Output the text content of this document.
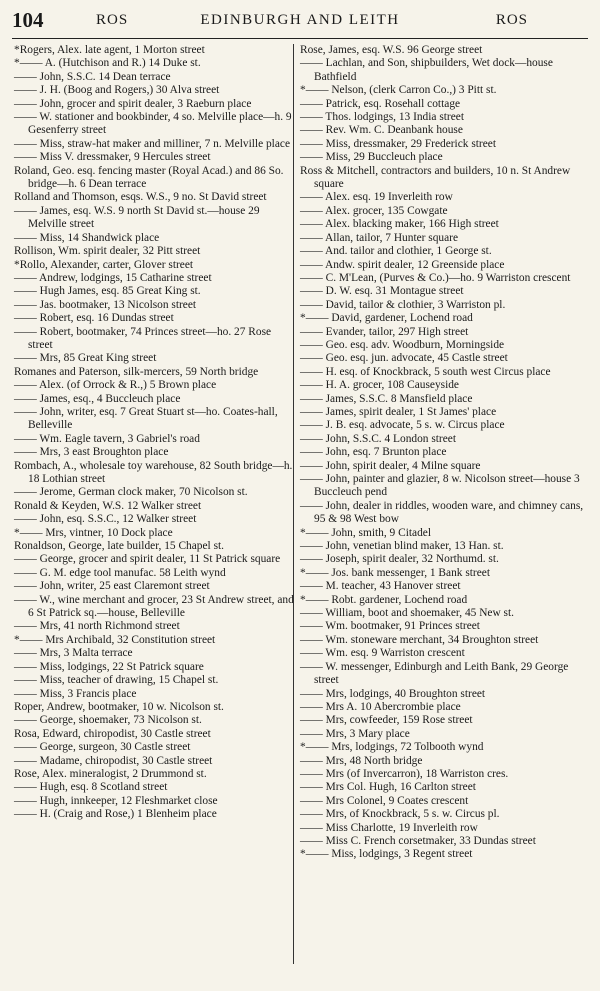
104	ROS	EDINBURGH AND LEITH	ROS
*Rogers, Alex. late agent, 1 Morton street
*—— A. (Hutchison and R.) 14 Duke st.
—— John, S.S.C. 14 Dean terrace
—— J. H. (Boog and Rogers,) 30 Alva street
—— John, grocer and spirit dealer, 3 Raeburn place
—— W. stationer and bookbinder, 4 so. Melville place—h. 9 Gesenferry street
—— Miss, straw-hat maker and milliner, 7 n. Melville place
—— Miss V. dressmaker, 9 Hercules street
Roland, Geo. esq. fencing master (Royal Acad.) and 86 So. bridge—h. 6 Dean terrace
Rolland and Thomson, esqs. W.S., 9 no. St David street
—— James, esq. W.S. 9 north St David st.—house 29 Melville street
—— Miss, 14 Shandwick place
Rollison, Wm. spirit dealer, 32 Pitt street
*Rollo, Alexander, carter, Glover street
—— Andrew, lodgings, 15 Catharine street
—— Hugh James, esq. 85 Great King st.
—— Jas. bootmaker, 13 Nicolson street
—— Robert, esq. 16 Dundas street
—— Robert, bootmaker, 74 Princes street—ho. 27 Rose street
—— Mrs, 85 Great King street
Romanes and Paterson, silk-mercers, 59 North bridge
—— Alex. (of Orrock & R.,) 5 Brown place
—— James, esq., 4 Buccleuch place
—— John, writer, esq. 7 Great Stuart st—ho. Coates-hall, Belleville
—— Wm. Eagle tavern, 3 Gabriel's road
—— Mrs, 3 east Broughton place
Rombach, A., wholesale toy warehouse, 82 South bridge—h. 18 Lothian street
—— Jerome, German clock maker, 70 Nicolson st.
Ronald & Keyden, W.S. 12 Walker street
—— John, esq. S.S.C., 12 Walker street
*—— Mrs, vintner, 10 Dock place
Ronaldson, George, late builder, 15 Chapel st.
—— George, grocer and spirit dealer, 11 St Patrick square
—— G. M. edge tool manufac. 58 Leith wynd
—— John, writer, 25 east Claremont street
—— W., wine merchant and grocer, 23 St Andrew street, and 6 St Patrick sq.—house, Belleville
—— Mrs, 41 north Richmond street
*—— Mrs Archibald, 32 Constitution street
—— Mrs, 3 Malta terrace
—— Miss, lodgings, 22 St Patrick square
—— Miss, teacher of drawing, 15 Chapel st.
—— Miss, 3 Francis place
Roper, Andrew, bootmaker, 10 w. Nicolson st.
—— George, shoemaker, 73 Nicolson st.
Rosa, Edward, chiropodist, 30 Castle street
—— George, surgeon, 30 Castle street
—— Madame, chiropodist, 30 Castle street
Rose, Alex. mineralogist, 2 Drummond st.
—— Hugh, esq. 8 Scotland street
—— Hugh, innkeeper, 12 Fleshmarket close
—— H. (Craig and Rose,) 1 Blenheim place
Rose, James, esq. W.S. 96 George street
—— Lachlan, and Son, shipbuilders, Wet dock—house Bathfield
*—— Nelson, (clerk Carron Co.,) 3 Pitt st.
—— Patrick, esq. Rosehall cottage
—— Thos. lodgings, 13 India street
—— Rev. Wm. C. Deanbank house
—— Miss, dressmaker, 29 Frederick street
—— Miss, 29 Buccleuch place
Ross & Mitchell, contractors and builders, 10 n. St Andrew square
—— Alex. esq. 19 Inverleith row
—— Alex. grocer, 135 Cowgate
—— Alex. blacking maker, 166 High street
—— Allan, tailor, 7 Hunter square
—— And. tailor and clothier, 1 George st.
—— Andw. spirit dealer, 12 Greenside place
—— C. M'Lean, (Purves & Co.)—ho. 9 Warriston crescent
—— D. W. esq. 31 Montague street
—— David, tailor & clothier, 3 Warriston pl.
*—— David, gardener, Lochend road
—— Evander, tailor, 297 High street
—— Geo. esq. adv. Woodburn, Morningside
—— Geo. esq. jun. advocate, 45 Castle street
—— H. esq. of Knockbrack, 5 south west Circus place
—— H. A. grocer, 108 Causeyside
—— James, S.S.C. 8 Mansfield place
—— James, spirit dealer, 1 St James' place
—— J. B. esq. advocate, 5 s. w. Circus place
—— John, S.S.C. 4 London street
—— John, esq. 7 Brunton place
—— John, spirit dealer, 4 Milne square
—— John, painter and glazier, 8 w. Nicolson street—house 3 Buccleuch pend
—— John, dealer in riddles, wooden ware, and chimney cans, 95 & 98 West bow
*—— John, smith, 9 Citadel
—— John, venetian blind maker, 13 Han. st.
—— Joseph, spirit dealer, 32 Northumd. st.
*—— Jos. bank messenger, 1 Bank street
—— M. teacher, 43 Hanover street
*—— Robt. gardener, Lochend road
—— William, boot and shoemaker, 45 New st.
—— Wm. bootmaker, 91 Princes street
—— Wm. stoneware merchant, 34 Broughton street
—— Wm. esq. 9 Warriston crescent
—— W. messenger, Edinburgh and Leith Bank, 29 George street
—— Mrs, lodgings, 40 Broughton street
—— Mrs A. 10 Abercrombie place
—— Mrs, cowfeeder, 159 Rose street
—— Mrs, 3 Mary place
*—— Mrs, lodgings, 72 Tolbooth wynd
—— Mrs, 48 North bridge
—— Mrs (of Invercarron), 18 Warriston cres.
—— Mrs Col. Hugh, 16 Carlton street
—— Mrs Colonel, 9 Coates crescent
—— Mrs, of Knockbrack, 5 s. w. Circus pl.
—— Miss Charlotte, 19 Inverleith row
—— Miss C. French corsetmaker, 33 Dundas street
*—— Miss, lodgings, 3 Regent street
